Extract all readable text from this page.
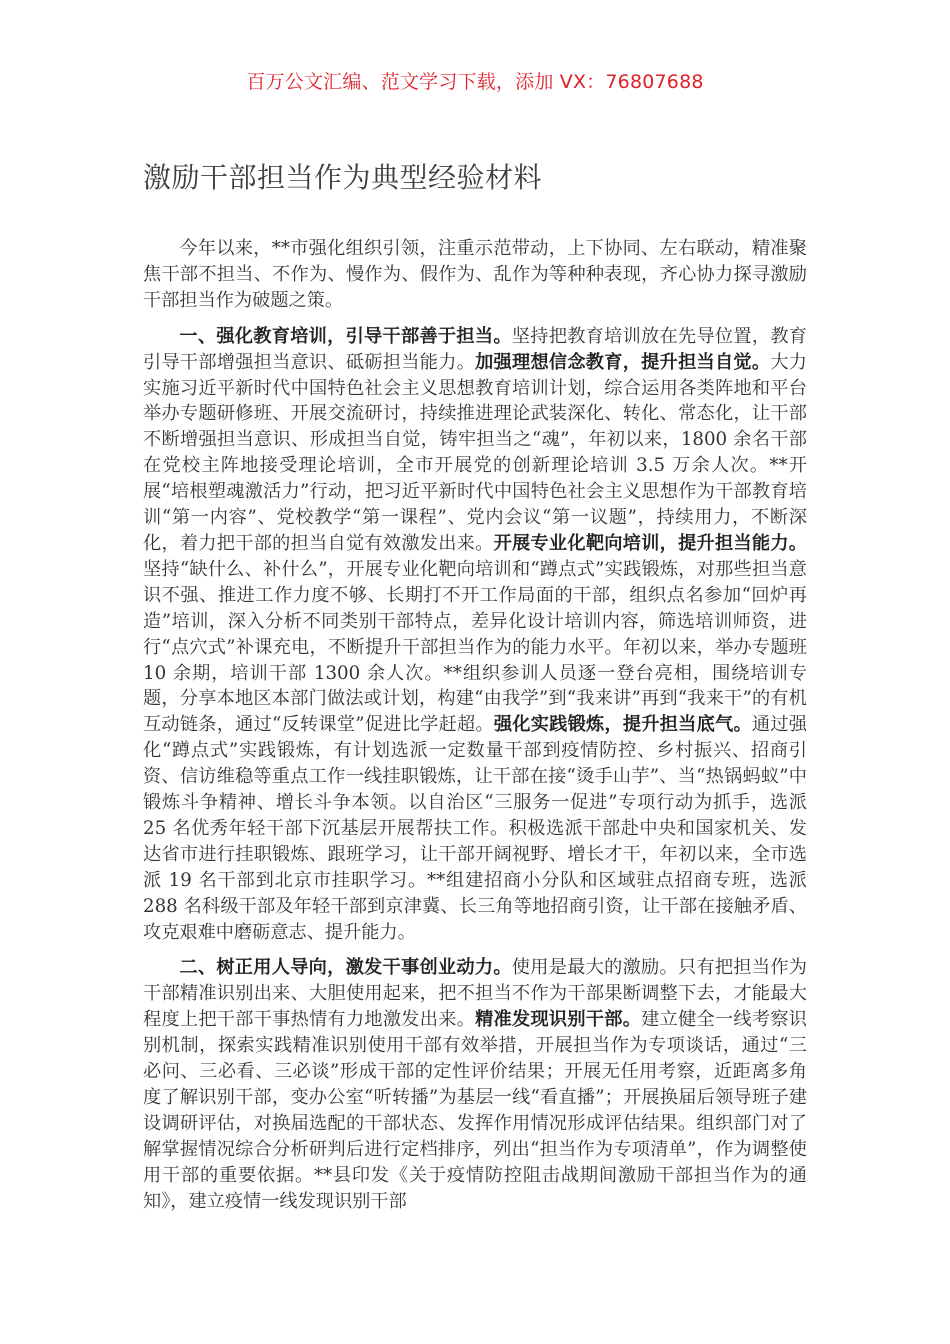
百万公文汇编、范文学习下载，添加 VX：76807688
激励干部担当作为典型经验材料

今年以来，**市强化组织引领，注重示范带动，上下协同、左右联动，精准聚焦干部不担当、不作为、慢作为、假作为、乱作为等种种表现，齐心协力探寻激励干部担当作为破题之策。

一、强化教育培训，引导干部善于担当。坚持把教育培训放在先导位置，教育引导干部增强担当意识、砥砺担当能力。加强理想信念教育，提升担当自觉。大力实施习近平新时代中国特色社会主义思想教育培训计划，综合运用各类阵地和平台举办专题研修班、开展交流研讨，持续推进理论武装深化、转化、常态化，让干部不断增强担当意识、形成担当自觉，铸牢担当之“魂”，年初以来，1800 余名干部在党校主阵地接受理论培训，全市开展党的创新理论培训 3.5 万余人次。**开展“培根塑魂激活力”行动，把习近平新时代中国特色社会主义思想作为干部教育培训“第一内容”、党校教学“第一课程”、党内会议“第一议题”，持续用力，不断深化，着力把干部的担当自觉有效激发出来。开展专业化靶向培训，提升担当能力。坚持“缺什么、补什么”，开展专业化靶向培训和“蹲点式”实践锻炼，对那些担当意识不强、推进工作力度不够、长期打不开工作局面的干部，组织点名参加“回炉再造”培训，深入分析不同类别干部特点，差异化设计培训内容，筛选培训师资，进行“点穴式”补课充电，不断提升干部担当作为的能力水平。年初以来，举办专题班 10 余期，培训干部 1300 余人次。**组织参训人员逐一登台亮相，围绕培训专题，分享本地区本部门做法或计划，构建“由我学”到“我来讲”再到“我来干”的有机互动链条，通过“反转课堂”促进比学赶超。强化实践锻炼，提升担当底气。通过强化“蹲点式”实践锻炼，有计划选派一定数量干部到疫情防控、乡村振兴、招商引资、信访维稳等重点工作一线挂职锻炼，让干部在接“烫手山芋”、当“热锅蚂蚁”中锻炼斗争精神、增长斗争本领。以自治区“三服务一促进”专项行动为抓手，选派 25 名优秀年轻干部下沉基层开展帮扶工作。积极选派干部赴中央和国家机关、发达省市进行挂职锻炼、跟班学习，让干部开阔视野、增长才干，年初以来，全市选派 19 名干部到北京市挂职学习。**组建招商小分队和区域驻点招商专班，选派 288 名科级干部及年轻干部到京津冀、长三角等地招商引资，让干部在接触矛盾、攻克艰难中磨砺意志、提升能力。

二、树正用人导向，激发干事创业动力。使用是最大的激励。只有把担当作为干部精准识别出来、大胆使用起来，把不担当不作为干部果断调整下去，才能最大程度上把干部干事热情有力地激发出来。精准发现识别干部。建立健全一线考察识别机制，探索实践精准识别使用干部有效举措，开展担当作为专项谈话，通过“三必问、三必看、三必谈”形成干部的定性评价结果；开展无任用考察，近距离多角度了解识别干部，变办公室“听转播”为基层一线“看直播”；开展换届后领导班子建设调研评估，对换届选配的干部状态、发挥作用情况形成评估结果。组织部门对了解掌握情况综合分析研判后进行定档排序，列出“担当作为专项清单”，作为调整使用干部的重要依据。**县印发《关于疫情防控阻击战期间激励干部担当作为的通知》，建立疫情一线发现识别干部
